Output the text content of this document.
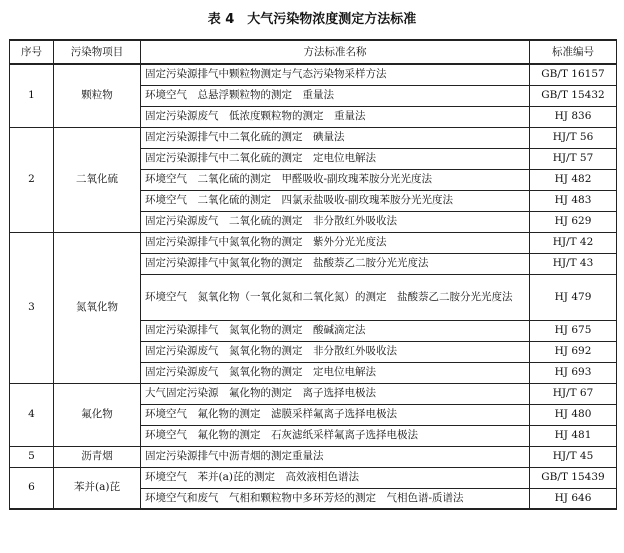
表 4　大气污染物浓度测定方法标准
序号	污染物项目	方法标准名称	标准编号
1	颗粒物	固定污染源排气中颗粒物测定与气态污染物采样方法	GB/T 16157
		环境空气　总悬浮颗粒物的测定　重量法	GB/T 15432
		固定污染源废气　低浓度颗粒物的测定　重量法	HJ 836
2	二氧化硫	固定污染源排气中二氧化硫的测定　碘量法	HJ/T 56
		固定污染源排气中二氧化硫的测定　定电位电解法	HJ/T 57
		环境空气　二氧化硫的测定　甲醛吸收-副玫瑰苯胺分光光度法	HJ 482
		环境空气　二氧化硫的测定　四氯汞盐吸收-副玫瑰苯胺分光光度法	HJ 483
		固定污染源废气　二氧化硫的测定　非分散红外吸收法	HJ 629
3	氮氧化物	固定污染源排气中氮氧化物的测定　紫外分光光度法	HJ/T 42
		固定污染源排气中氮氧化物的测定　盐酸萘乙二胺分光光度法	HJ/T 43
		环境空气　氮氧化物（一氧化氮和二氧化氮）的测定　盐酸萘乙二胺分光光度法	HJ 479
		固定污染源排气　氮氧化物的测定　酸碱滴定法	HJ 675
		固定污染源废气　氮氧化物的测定　非分散红外吸收法	HJ 692
		固定污染源废气　氮氧化物的测定　定电位电解法	HJ 693
4	氟化物	大气固定污染源　氟化物的测定　离子选择电极法	HJ/T 67
		环境空气　氟化物的测定　滤膜采样氟离子选择电极法	HJ 480
		环境空气　氟化物的测定　石灰滤纸采样氟离子选择电极法	HJ 481
5	沥青烟	固定污染源排气中沥青烟的测定重量法	HJ/T 45
6	苯并(a)芘	环境空气　苯并(a)芘的测定　高效液相色谱法	GB/T 15439
		环境空气和废气　气相和颗粒物中多环芳烃的测定　气相色谱-质谱法	HJ 646
